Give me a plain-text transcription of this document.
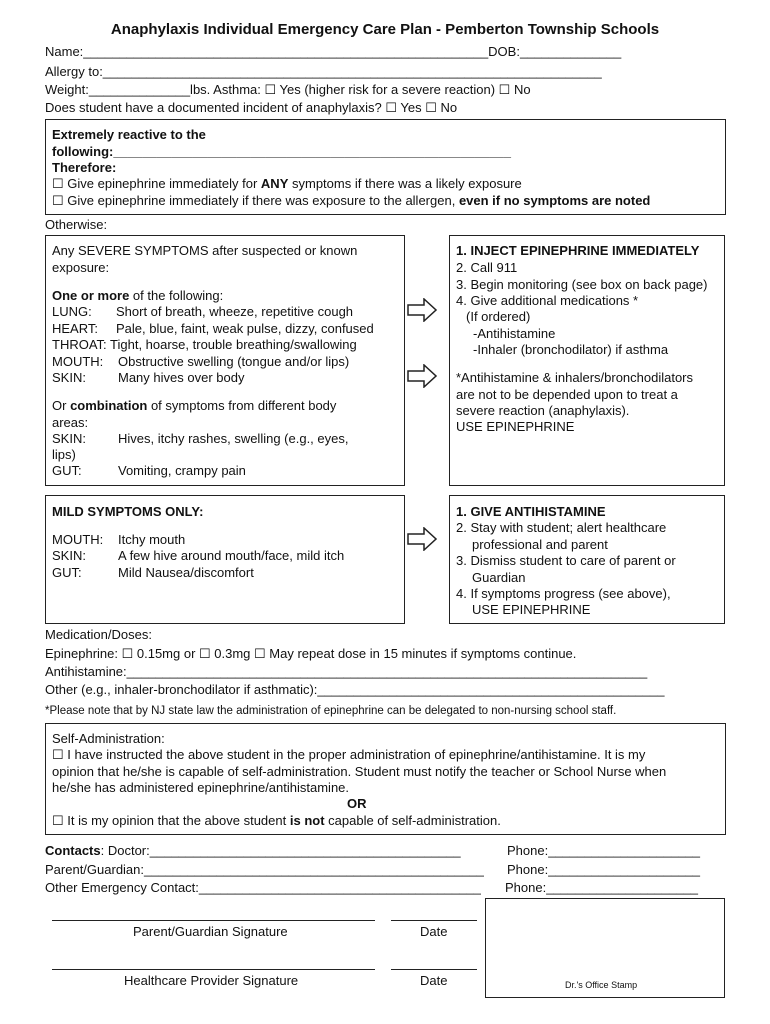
Anaphylaxis Individual Emergency Care Plan - Pemberton Township Schools
Name:________________________________________________________DOB:______________
Allergy to:_____________________________________________________________________
Weight:______________lbs. Asthma: ☐ Yes (higher risk for a severe reaction) ☐ No
Does student have a documented incident of anaphylaxis? ☐ Yes ☐ No
Extremely reactive to the
following:_______________________________________________________
Therefore:
☐ Give epinephrine immediately for ANY symptoms if there was a likely exposure
☐ Give epinephrine immediately if there was exposure to the allergen, even if no symptoms are noted
Otherwise:
Any SEVERE SYMPTOMS after suspected or known
exposure:
One or more of the following:
LUNG: Short of breath, wheeze, repetitive cough
HEART: Pale, blue, faint, weak pulse, dizzy, confused
THROAT: Tight, hoarse, trouble breathing/swallowing
MOUTH: Obstructive swelling (tongue and/or lips)
SKIN: Many hives over body
Or combination of symptoms from different body
areas:
SKIN: Hives, itchy rashes, swelling (e.g., eyes,
lips)
GUT:	Vomiting, crampy pain
1. INJECT EPINEPHRINE IMMEDIATELY
2. Call 911
3. Begin monitoring (see box on back page)
4. Give additional medications *
(If ordered)
-Antihistamine
-Inhaler (bronchodilator) if asthma
*Antihistamine & inhalers/bronchodilators
are not to be depended upon to treat a
severe reaction (anaphylaxis).
USE EPINEPHRINE
MILD SYMPTOMS ONLY:
MOUTH: Itchy mouth
SKIN: A few hive around mouth/face, mild itch
GUT:	Mild Nausea/discomfort
1. GIVE ANTIHISTAMINE
2. Stay with student; alert healthcare
professional and parent
3. Dismiss student to care of parent or
Guardian
4. If symptoms progress (see above),
USE EPINEPHRINE
Medication/Doses:
Epinephrine: ☐ 0.15mg or ☐ 0.3mg ☐ May repeat dose in 15 minutes if symptoms continue.
Antihistamine:________________________________________________________________________
Other (e.g., inhaler-bronchodilator if asthmatic):________________________________________________
*Please note that by NJ state law the administration of epinephrine can be delegated to non-nursing school staff.
Self-Administration:
☐ I have instructed the above student in the proper administration of epinephrine/antihistamine. It is my
opinion that he/she is capable of self-administration. Student must notify the teacher or School Nurse when
he/she has administered epinephrine/antihistamine.
OR
☐ It is my opinion that the above student is not capable of self-administration.
Contacts: Doctor:___________________________________________	Phone:_____________________
Parent/Guardian:_______________________________________________ Phone:_____________________
Other Emergency Contact:_______________________________________ Phone:_____________________
Parent/Guardian Signature	Date
Healthcare Provider Signature	Date	Dr.'s Office Stamp
